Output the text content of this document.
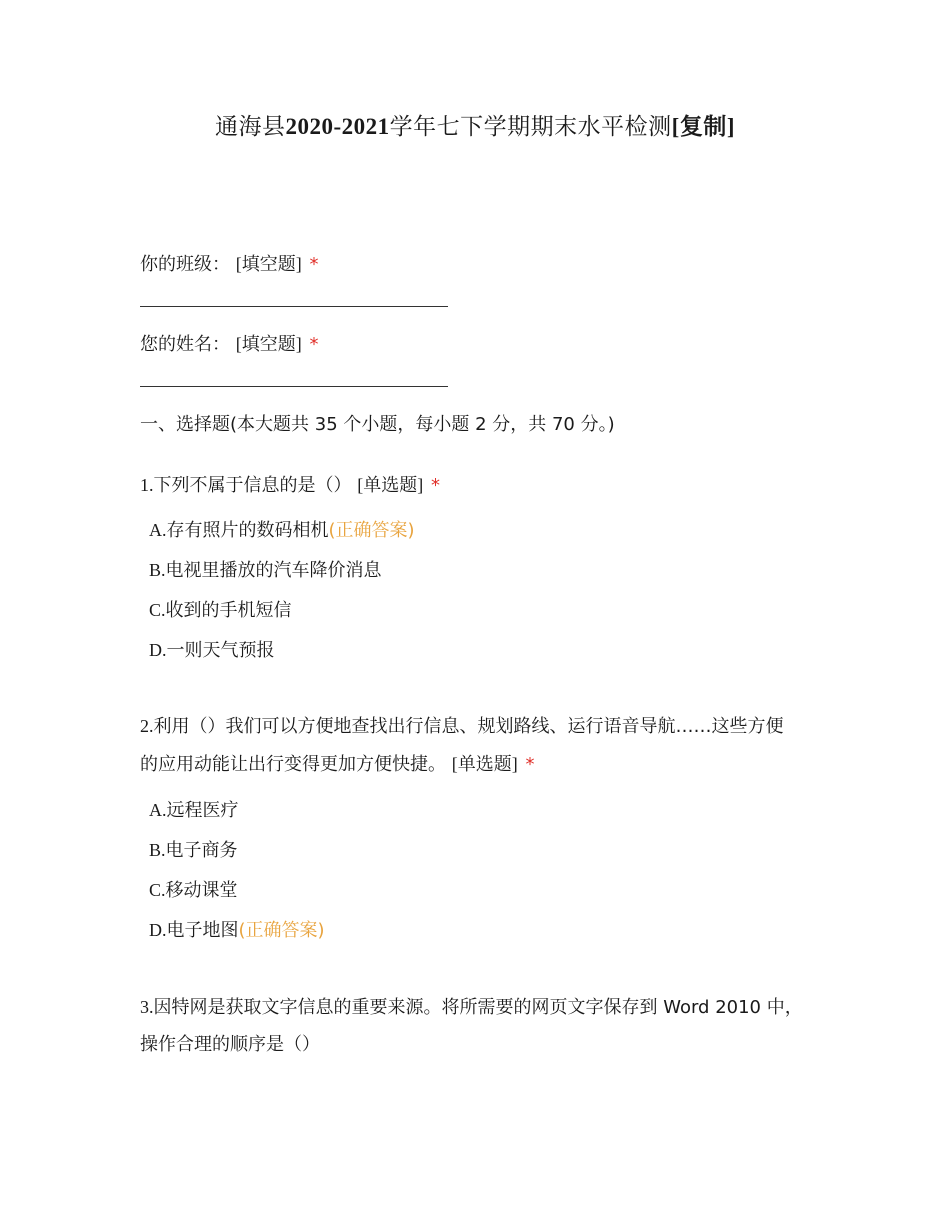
通海县2020-2021学年七下学期期末水平检测[复制]
你的班级： [填空题] *
您的姓名： [填空题] *
一、选择题(本大题共 35 个小题，每小题 2 分，共 70 分。)
1.下列不属于信息的是（） [单选题] *
A.存有照片的数码相机(正确答案)
B.电视里播放的汽车降价消息
C.收到的手机短信
D.一则天气预报
2.利用（）我们可以方便地查找出行信息、规划路线、运行语音导航……这些方便
的应用动能让出行变得更加方便快捷。 [单选题] *
A.远程医疗
B.电子商务
C.移动课堂
D.电子地图(正确答案)
3.因特网是获取文字信息的重要来源。将所需要的网页文字保存到 Word 2010 中，
操作合理的顺序是（）
